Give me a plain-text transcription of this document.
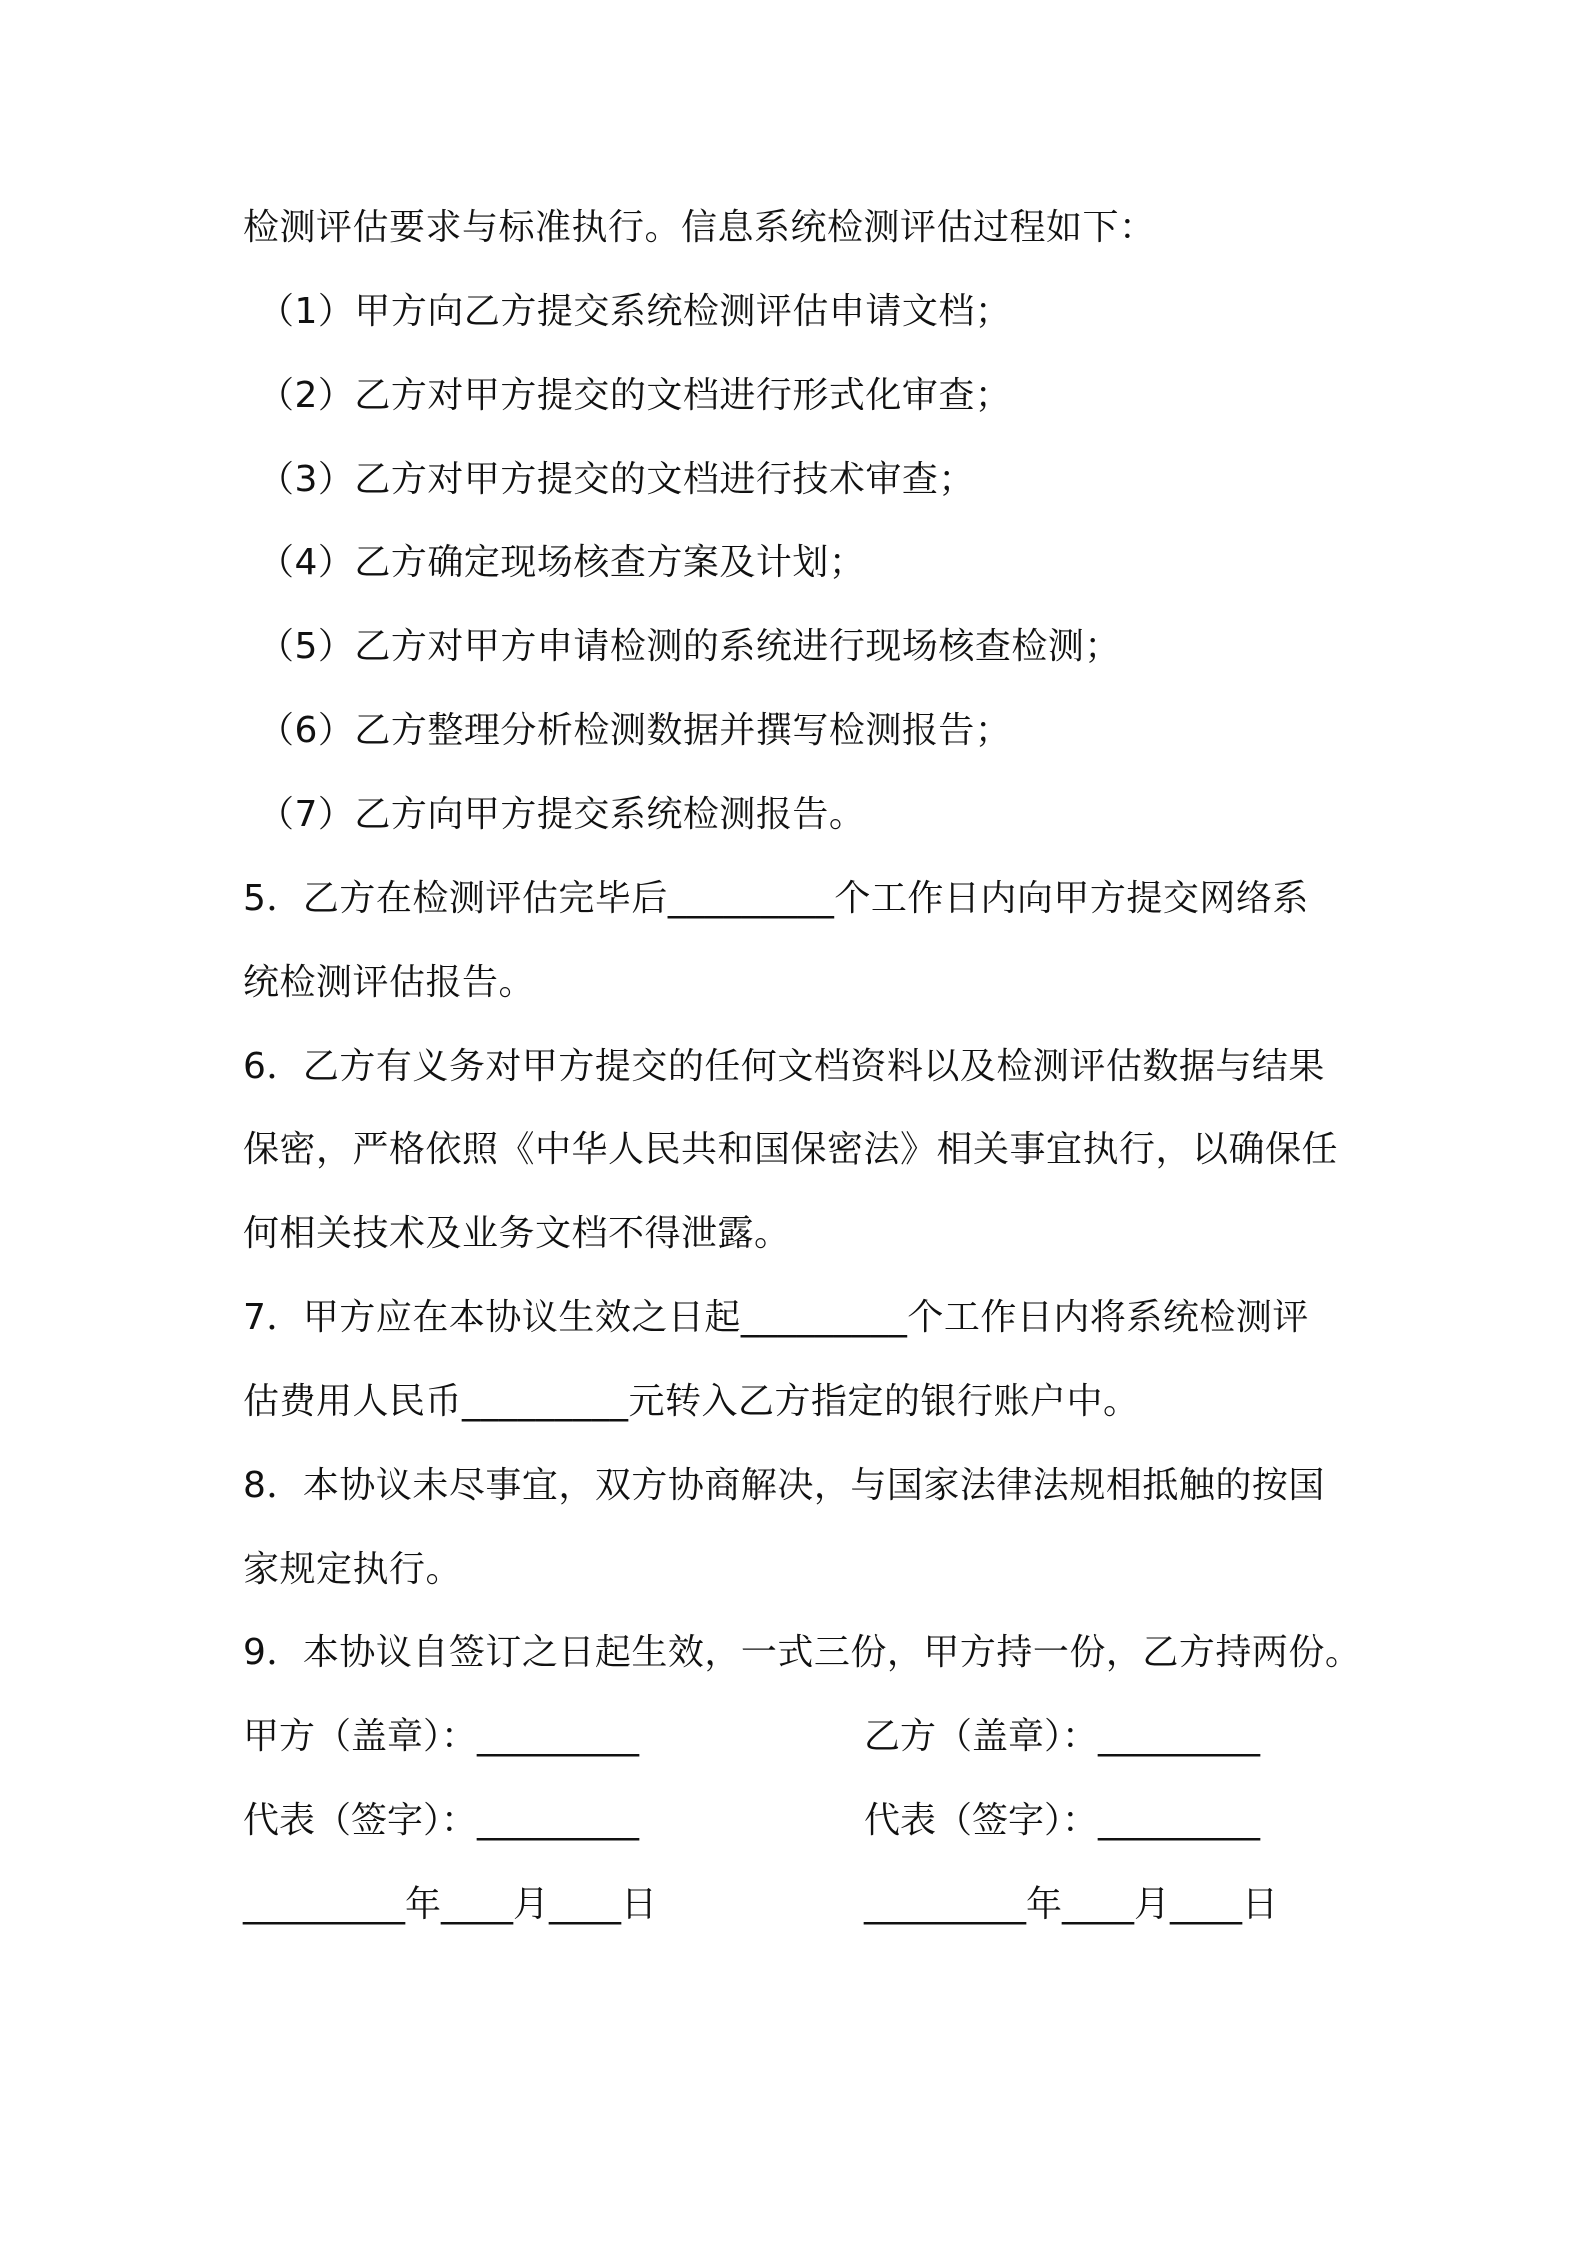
检测评估要求与标准执行。信息系统检测评估过程如下：
（1）甲方向乙方提交系统检测评估申请文档；
（2）乙方对甲方提交的文档进行形式化审查；
（3）乙方对甲方提交的文档进行技术审查；
（4）乙方确定现场核查方案及计划；
（5）乙方对甲方申请检测的系统进行现场核查检测；
（6）乙方整理分析检测数据并撰写检测报告；
（7）乙方向甲方提交系统检测报告。
5．乙方在检测评估完毕后_________个工作日内向甲方提交网络系
统检测评估报告。
6．乙方有义务对甲方提交的任何文档资料以及检测评估数据与结果
保密，严格依照《中华人民共和国保密法》相关事宜执行，以确保任
何相关技术及业务文档不得泄露。
7．甲方应在本协议生效之日起_________个工作日内将系统检测评
估费用人民币_________元转入乙方指定的银行账户中。
8．本协议未尽事宜，双方协商解决，与国家法律法规相抵触的按国
家规定执行。
9．本协议自签订之日起生效，一式三份，甲方持一份，乙方持两份。
甲方（盖章）：_________	乙方（盖章）：_________
代表（签字）：_________	代表（签字）：_________
_________年____月____日	_________年____月____日
